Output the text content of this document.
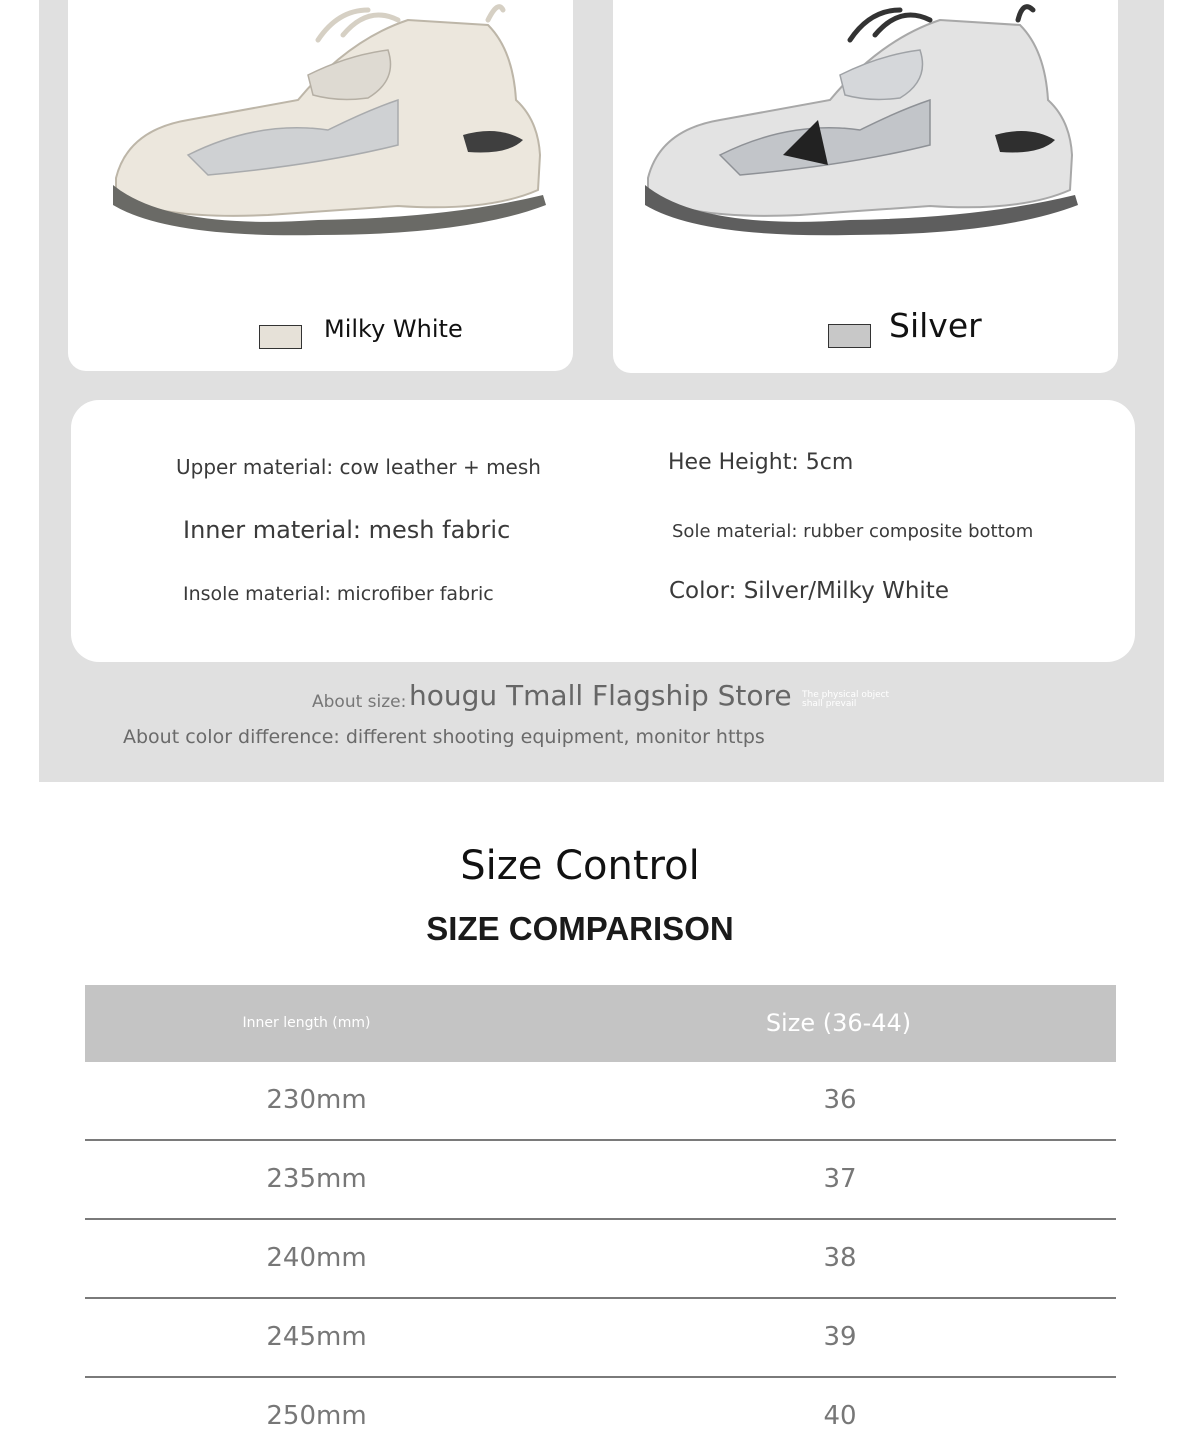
Milky White	Silver
Upper material: cow leather + mesh
Inner material: mesh fabric
Insole material: microfiber fabric
Hee Height: 5cm
Sole material: rubber composite bottom
Color: Silver/Milky White
About size: hougu Tmall Flagship Store The physical object shall prevail
About color difference: different shooting equipment, monitor https
Size Control
SIZE COMPARISON
Inner length (mm)	Size (36-44)
230mm	36
235mm	37
240mm	38
245mm	39
250mm	40
